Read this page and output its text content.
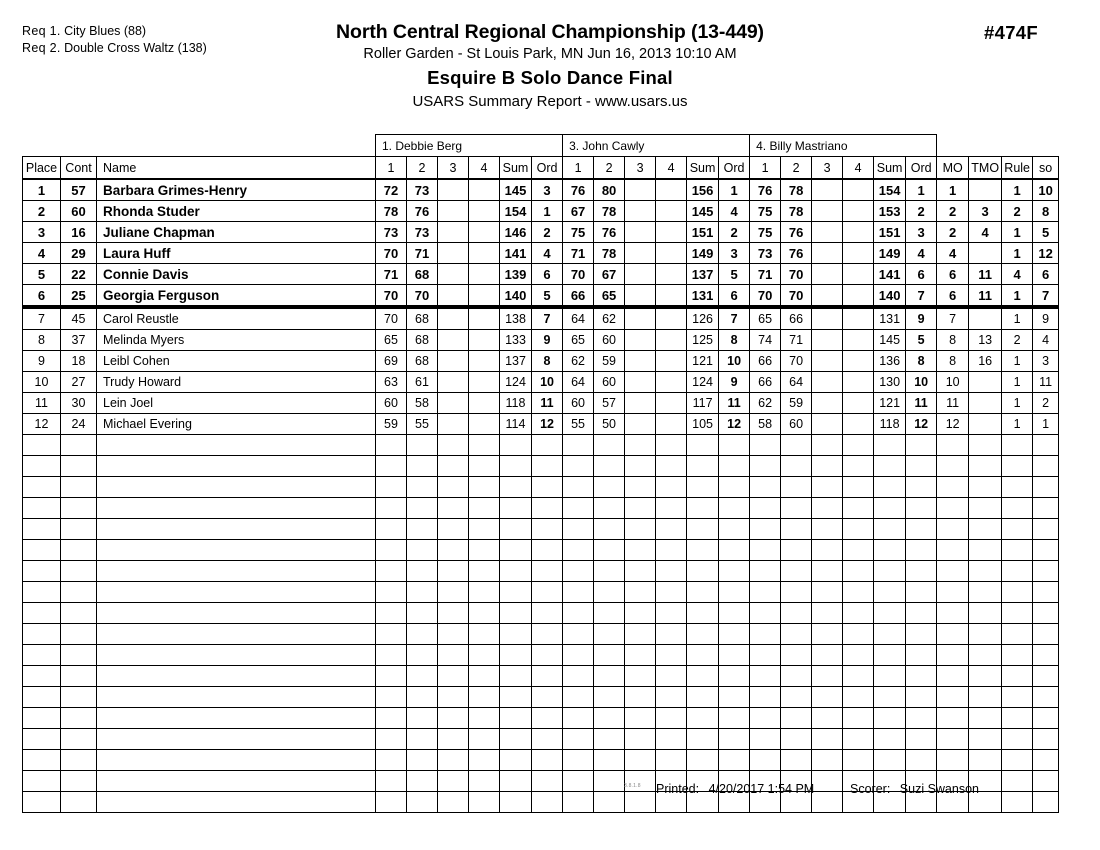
Req 1. City Blues (88)
Req 2. Double Cross Waltz (138)
North Central Regional Championship (13-449)
Roller Garden - St Louis Park, MN Jun 16, 2013 10:10 AM
Esquire B Solo Dance Final
USARS Summary Report - www.usars.us
#474F
			1. Debbie Berg						3. John Cawly						4. Billy Mastriano									
Place	Cont	Name	1	2	3	4	Sum	Ord	1	2	3	4	Sum	Ord	1	2	3	4	Sum	Ord	MO	TMO	Rule	so
1	57	Barbara Grimes-Henry	72	73			145	3	76	80			156	1	76	78			154	1	1		1	10
2	60	Rhonda Studer	78	76			154	1	67	78			145	4	75	78			153	2	2	3	2	8
3	16	Juliane Chapman	73	73			146	2	75	76			151	2	75	76			151	3	2	4	1	5
4	29	Laura Huff	70	71			141	4	71	78			149	3	73	76			149	4	4		1	12
5	22	Connie Davis	71	68			139	6	70	67			137	5	71	70			141	6	6	11	4	6
6	25	Georgia Ferguson	70	70			140	5	66	65			131	6	70	70			140	7	6	11	1	7
7	45	Carol Reustle	70	68			138	7	64	62			126	7	65	66			131	9	7		1	9
8	37	Melinda Myers	65	68			133	9	65	60			125	8	74	71			145	5	8	13	2	4
9	18	Leibl Cohen	69	68			137	8	62	59			121	10	66	70			136	8	8	16	1	3
10	27	Trudy Howard	63	61			124	10	64	60			124	9	66	64			130	10	10		1	11
11	30	Lein Joel	60	58			118	11	60	57			117	11	62	59			121	11	11		1	2
12	24	Michael Evering	59	55			114	12	55	50			105	12	58	60			118	12	12		1	1

3.8.1.8 Printed: 4/20/2017 1:54 PM	Scorer: Suzi Swanson
